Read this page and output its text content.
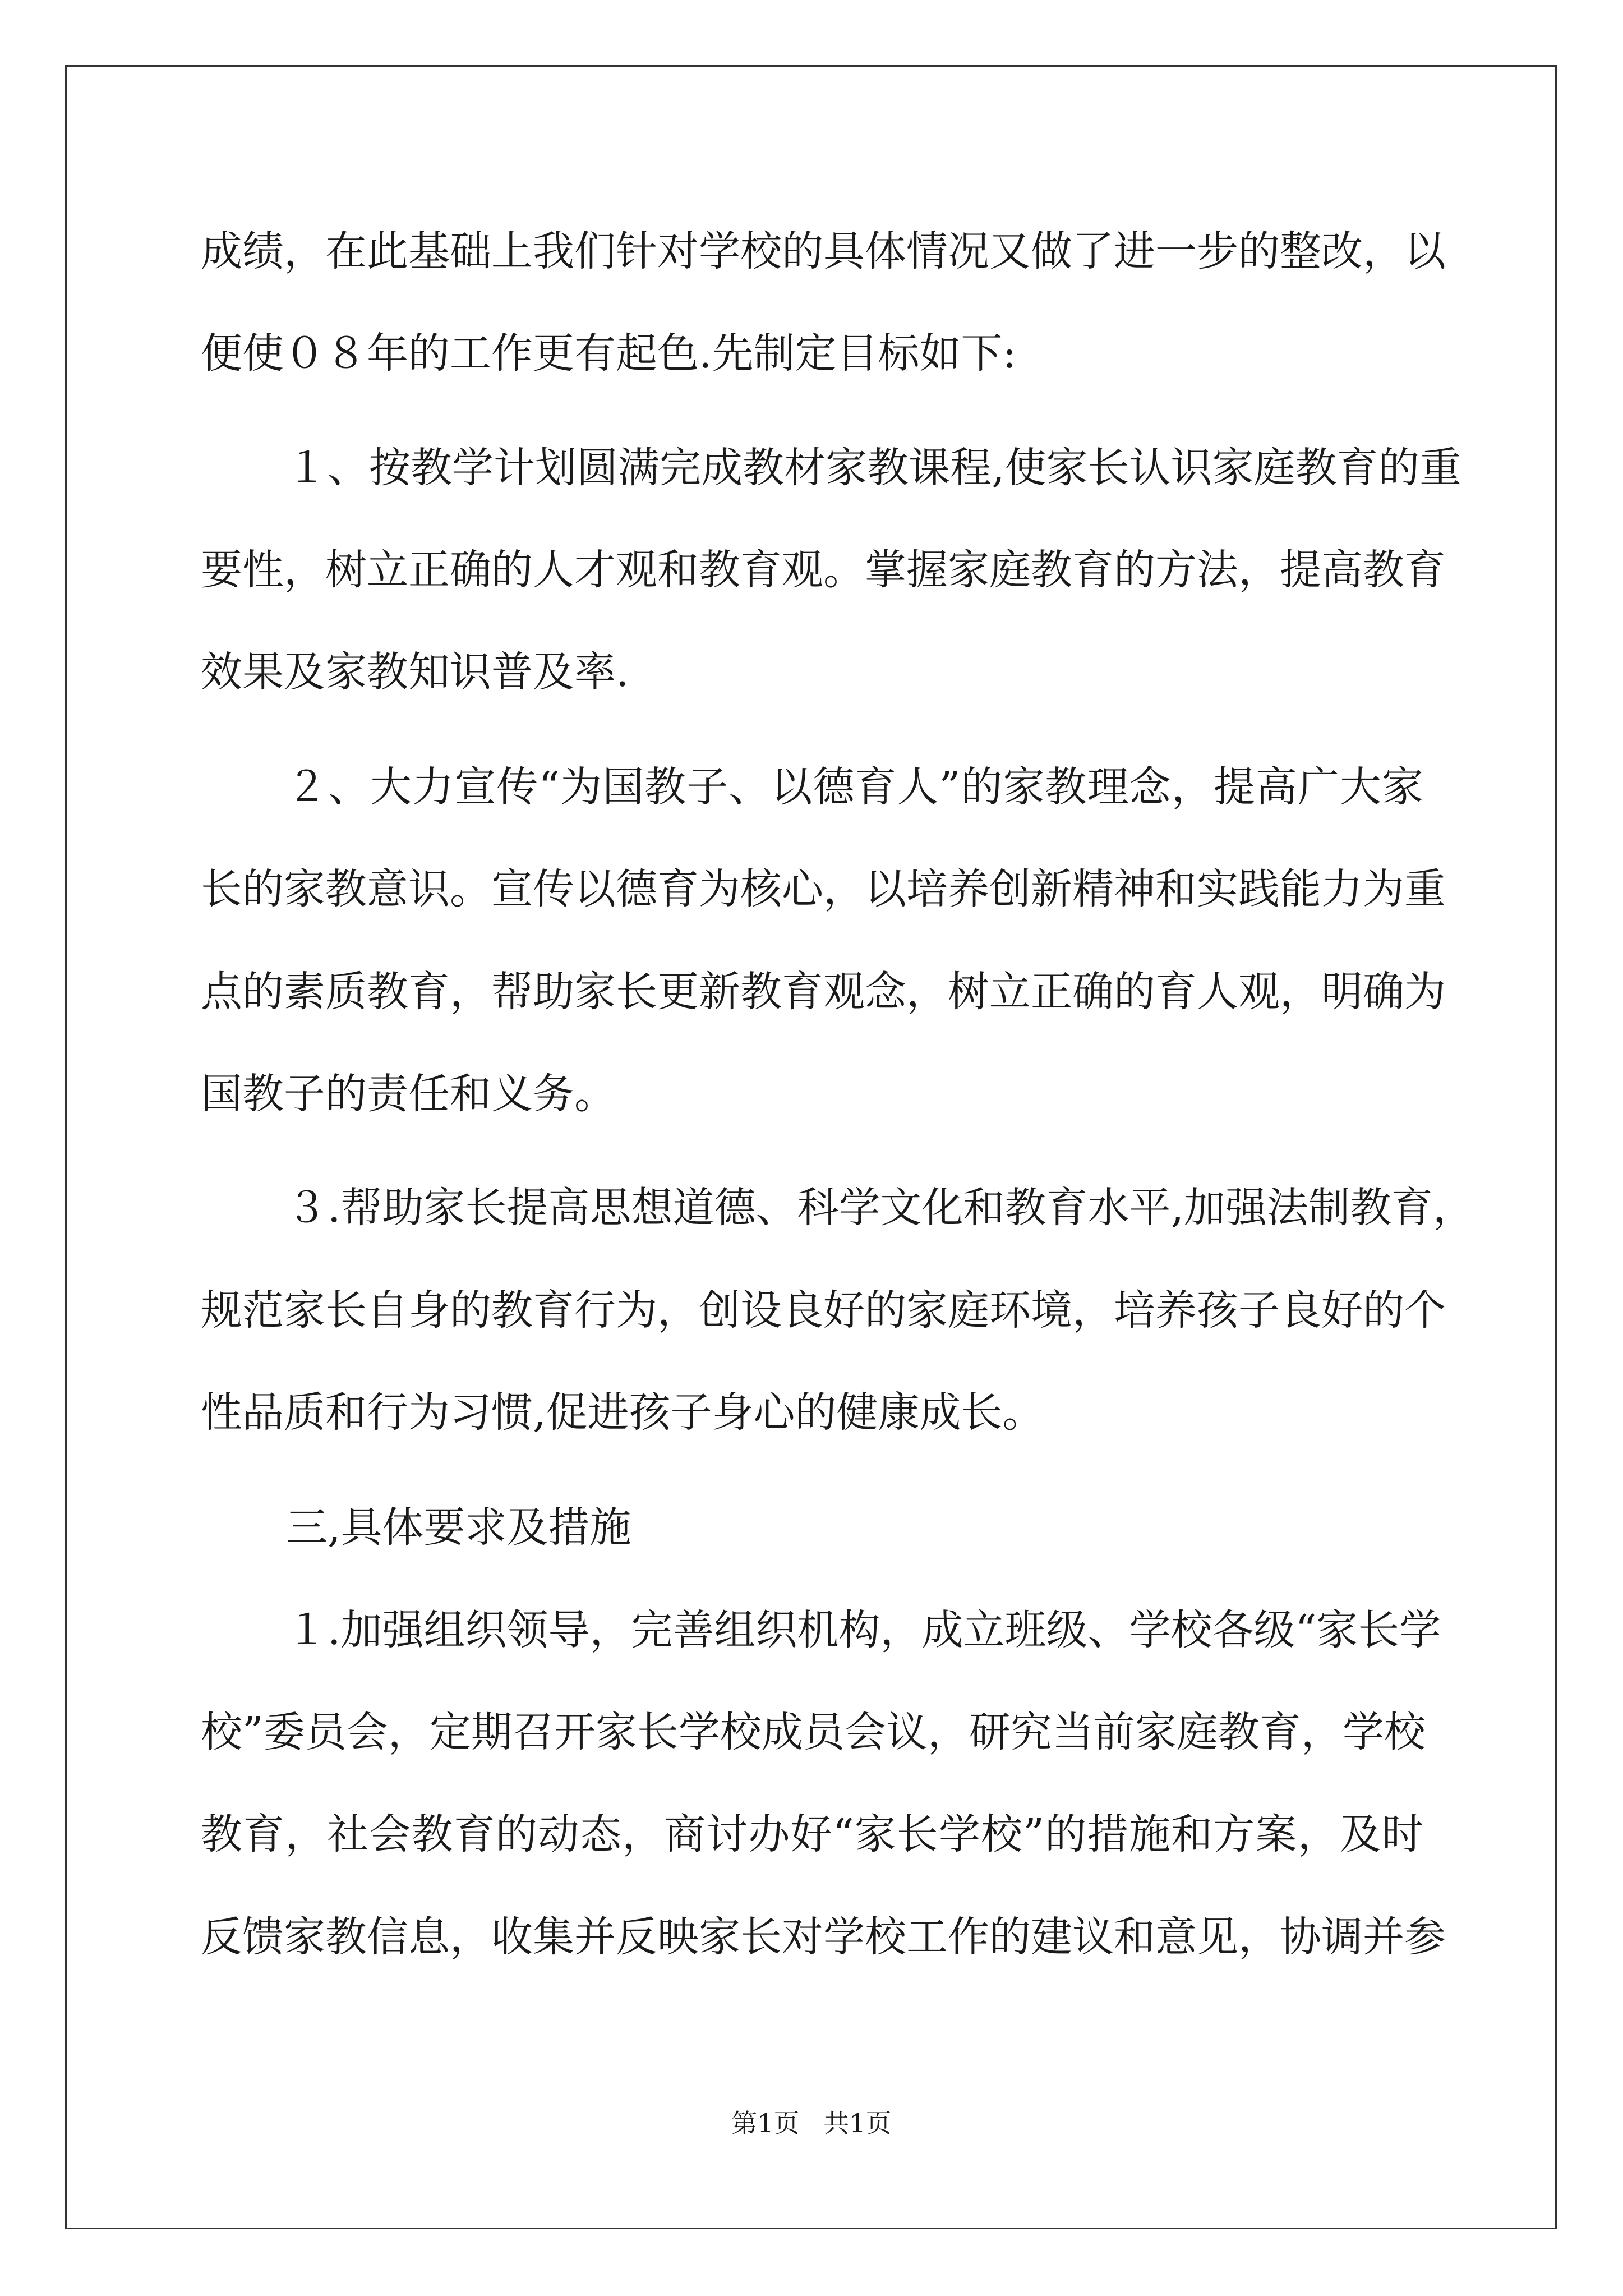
成绩，在此基础上我们针对学校的具体情况又做了进一步的整改，以
便使０８年的工作更有起色.先制定目标如下:
１、按教学计划圆满完成教材家教课程,使家长认识家庭教育的重
要性，树立正确的人才观和教育观。掌握家庭教育的方法，提高教育
效果及家教知识普及率.
２、大力宣传“为国教子、以德育人”的家教理念，提高广大家
长的家教意识。宣传以德育为核心，以培养创新精神和实践能力为重
点的素质教育，帮助家长更新教育观念，树立正确的育人观，明确为
国教子的责任和义务。
３.帮助家长提高思想道德、科学文化和教育水平,加强法制教育，
规范家长自身的教育行为，创设良好的家庭环境，培养孩子良好的个
性品质和行为习惯,促进孩子身心的健康成长。
三,具体要求及措施
１.加强组织领导，完善组织机构，成立班级、学校各级“家长学
校”委员会，定期召开家长学校成员会议，研究当前家庭教育，学校
教育，社会教育的动态，商讨办好“家长学校”的措施和方案，及时
反馈家教信息，收集并反映家长对学校工作的建议和意见，协调并参
第1页 共1页
